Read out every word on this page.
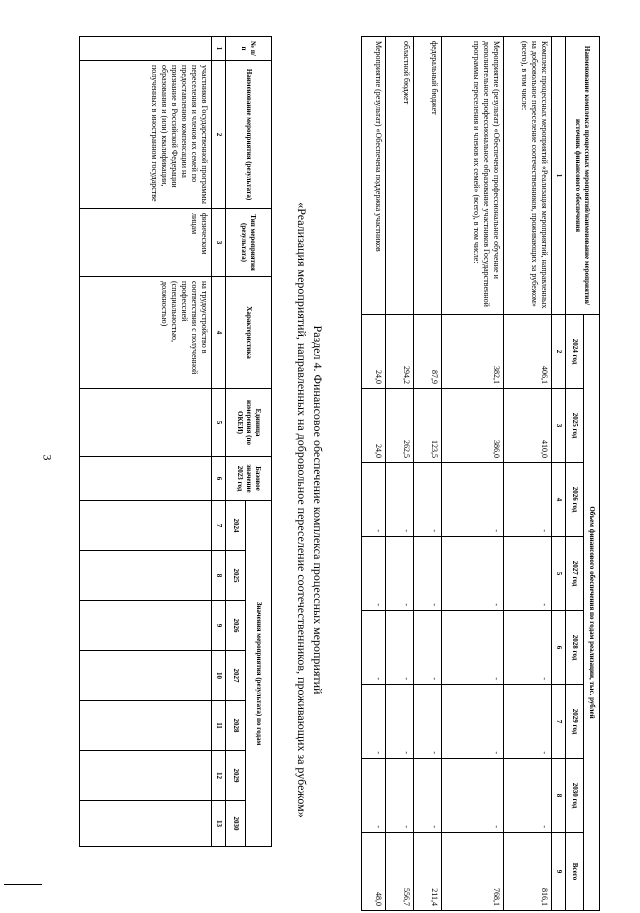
3
№ п/п	Наименование мероприятия (результата)	Тип мероприятия (результата)	Характеристика	Единица измерения (по ОКЕИ)	Базовое значение 2023 год	Значения мероприятия (результата) по годам						
						2024	2025	2026	2027	2028	2029	2030
1	2	3	4	5	6	7	8	9	10	11	12	13
	участников Государственной программы переселения и членов их семей по предоставлению компенсации на признание в Российской Федерации образования и (или) квалификации, полученных в иностранном государстве	физическим лицам	на трудоустройство в соответствии с полученной профессией (специальностью, должностью)									
Раздел 4. Финансовое обеспечение комплекса процессных мероприятий
«Реализация мероприятий, направленных на добровольное переселение соотечественников, проживающих за рубежом»
Наименование комплекса процессных мероприятий/наименование мероприятия/источник финансового обеспечения	Объем финансового обеспечения по годам реализации, тыс. рублей							
	2024 год	2025 год	2026 год	2027 год	2028 год	2029 год	2030 год	Всего
1	2	3	4	5	6	7	8	9
Комплекс процессных мероприятий «Реализация мероприятий, направленных на добровольное переселение соотечественников, проживающих за рубежом» (всего), в том числе:	406,1	410,0	-	-	-	-	-	816,1
Мероприятие (результат) «Обеспечено профессиональное обучение и дополнительное профессиональное образование участников Государственной программы переселения и членов их семей» (всего), в том числе:	382,1	386,0	-	-	-	-	-	768,1
федеральный бюджет	87,9	123,5	-	-	-	-	-	211,4
областной бюджет	294,2	262,5	-	-	-	-	-	556,7
Мероприятие (результат) «Обеспечена поддержка участников	24,0	24,0	-	-	-	-	-	48,0
